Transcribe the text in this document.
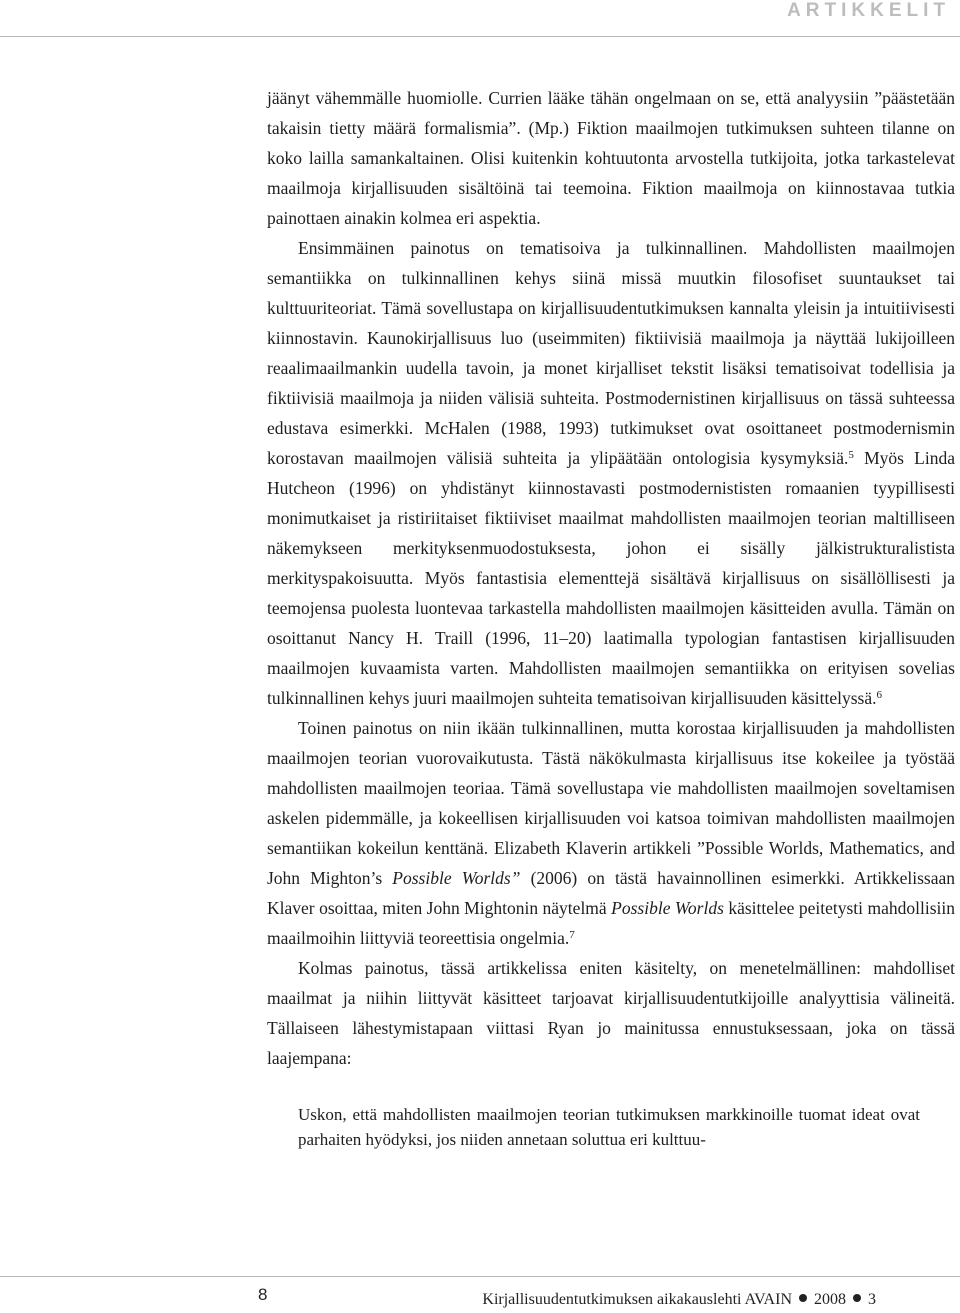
ARTIKKELIT

jäänyt vähemmälle huomiolle. Currien lääke tähän ongelmaan on se, että analyysiin ”päästetään takaisin tietty määrä formalismia”. (Mp.) Fiktion maailmojen tutkimuksen suhteen tilanne on koko lailla samankaltainen. Olisi kuitenkin kohtuutonta arvostella tutkijoita, jotka tarkastelevat maailmoja kirjallisuuden sisältöinä tai teemoina. Fiktion maailmoja on kiinnostavaa tutkia painottaen ainakin kolmea eri aspektia.

Ensimmäinen painotus on tematisoiva ja tulkinnallinen. Mahdollisten maailmojen semantiikka on tulkinnallinen kehys siinä missä muutkin filosofiset suuntaukset tai kulttuuriteoriat. Tämä sovellustapa on kirjallisuudentutkimuksen kannalta yleisin ja intuitiivisesti kiinnostavin. Kaunokirjallisuus luo (useimmiten) fiktiivisiä maailmoja ja näyttää lukijoilleen reaalimaailmankin uudella tavoin, ja monet kirjalliset tekstit lisäksi tematisoivat todellisia ja fiktiivisiä maailmoja ja niiden välisiä suhteita. Postmodernistinen kirjallisuus on tässä suhteessa edustava esimerkki. McHalen (1988, 1993) tutkimukset ovat osoittaneet postmodernismin korostavan maailmojen välisiä suhteita ja ylipäätään ontologisia kysymyksiä.$^5$ Myös Linda Hutcheon (1996) on yhdistänyt kiinnostavasti postmodernististen romaanien tyypillisesti monimutkaiset ja ristiriitaiset fiktiiviset maailmat mahdollisten maailmojen teorian maltilliseen näkemykseen merkityksenmuodostuksesta, johon ei sisälly jälkistrukturalistista merkityspakoisuutta. Myös fantastisia elementtejä sisältävä kirjallisuus on sisällöllisesti ja teemojensa puolesta luontevaa tarkastella mahdollisten maailmojen käsitteiden avulla. Tämän on osoittanut Nancy H. Traill (1996, 11–20) laatimalla typologian fantastisen kirjallisuuden maailmojen kuvaamista varten. Mahdollisten maailmojen semantiikka on erityisen sovelias tulkinnallinen kehys juuri maailmojen suhteita tematisoivan kirjallisuuden käsittelyssä.$^6$

Toinen painotus on niin ikään tulkinnallinen, mutta korostaa kirjallisuuden ja mahdollisten maailmojen teorian vuorovaikutusta. Tästä näkökulmasta kirjallisuus itse kokeilee ja työstää mahdollisten maailmojen teoriaa. Tämä sovellustapa vie mahdollisten maailmojen soveltamisen askelen pidemmälle, ja kokeellisen kirjallisuuden voi katsoa toimivan mahdollisten maailmojen semantiikan kokeilun kenttänä. Elizabeth Klaverin artikkeli ”Possible Worlds, Mathematics, and John Mighton’s Possible Worlds” (2006) on tästä havainnollinen esimerkki. Artikkelissaan Klaver osoittaa, miten John Mightonin näytelmä Possible Worlds käsittelee peitetysti mahdollisiin maailmoihin liittyviä teoreettisia ongelmia.$^7$

Kolmas painotus, tässä artikkelissa eniten käsitelty, on menetelmällinen: mahdolliset maailmat ja niihin liittyvät käsitteet tarjoavat kirjallisuudentutkijoille analyyttisia välineitä. Tällaiseen lähestymistapaan viittasi Ryan jo mainitussa ennustuksessaan, joka on tässä laajempana:

Uskon, että mahdollisten maailmojen teorian tutkimuksen markkinoille tuomat ideat ovat parhaiten hyödyksi, jos niiden annetaan soluttua eri kulttuu-

8	Kirjallisuudentutkimuksen aikakauslehti AVAIN 2008 3
